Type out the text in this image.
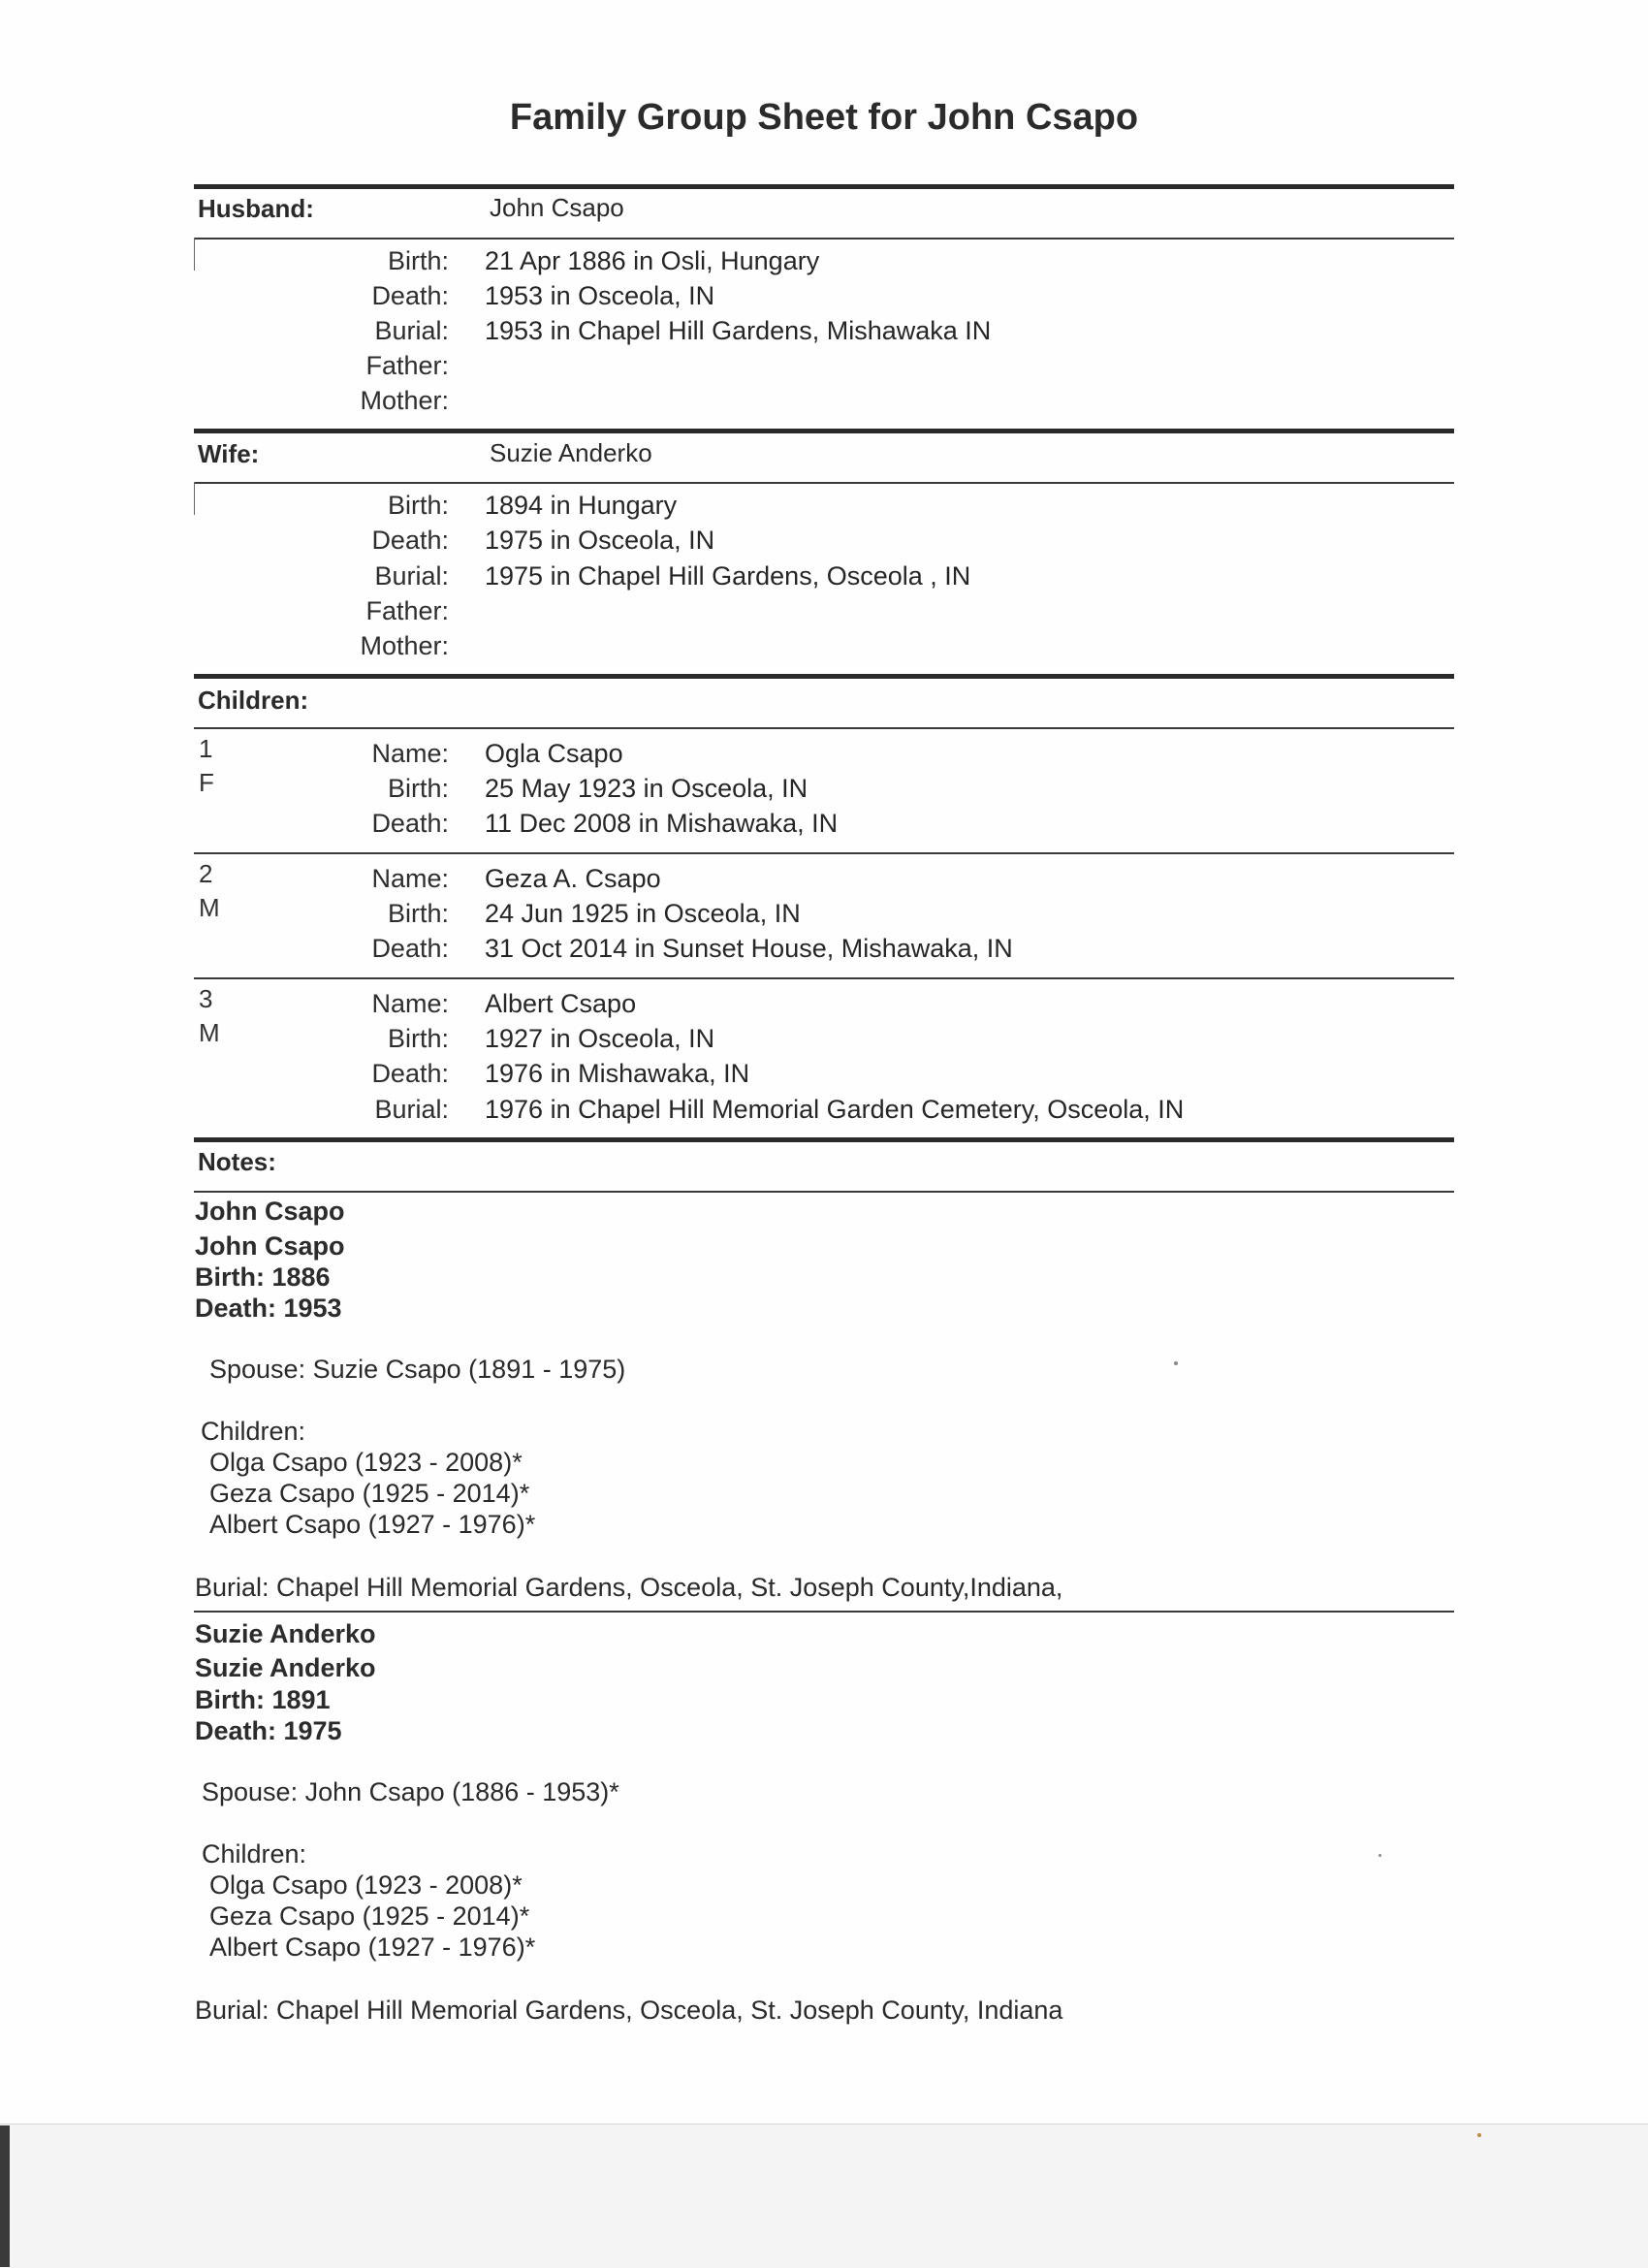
Family Group Sheet for John Csapo
Husband:	John Csapo
Birth: 21 Apr 1886 in Osli, Hungary
Death: 1953 in Osceola, IN
Burial: 1953 in Chapel Hill Gardens, Mishawaka IN
Father:
Mother:
Wife:	Suzie Anderko
Birth: 1894 in Hungary
Death: 1975 in Osceola, IN
Burial: 1975 in Chapel Hill Gardens, Osceola , IN
Father:
Mother:
Children:
1
F
Name: Ogla Csapo
Birth: 25 May 1923 in Osceola, IN
Death: 11 Dec 2008 in Mishawaka, IN
2
M
Name: Geza A. Csapo
Birth: 24 Jun 1925 in Osceola, IN
Death: 31 Oct 2014 in Sunset House, Mishawaka, IN
3
M
Name: Albert Csapo
Birth: 1927 in Osceola, IN
Death: 1976 in Mishawaka, IN
Burial: 1976 in Chapel Hill Memorial Garden Cemetery, Osceola, IN
Notes:
John Csapo
John Csapo
Birth: 1886
Death: 1953
Spouse: Suzie Csapo (1891 - 1975)
Children:
Olga Csapo (1923 - 2008)*
Geza Csapo (1925 - 2014)*
Albert Csapo (1927 - 1976)*
Burial: Chapel Hill Memorial Gardens, Osceola, St. Joseph County,Indiana,
Suzie Anderko
Suzie Anderko
Birth: 1891
Death: 1975
Spouse: John Csapo (1886 - 1953)*
Children:
Olga Csapo (1923 - 2008)*
Geza Csapo (1925 - 2014)*
Albert Csapo (1927 - 1976)*
Burial: Chapel Hill Memorial Gardens, Osceola, St. Joseph County, Indiana
